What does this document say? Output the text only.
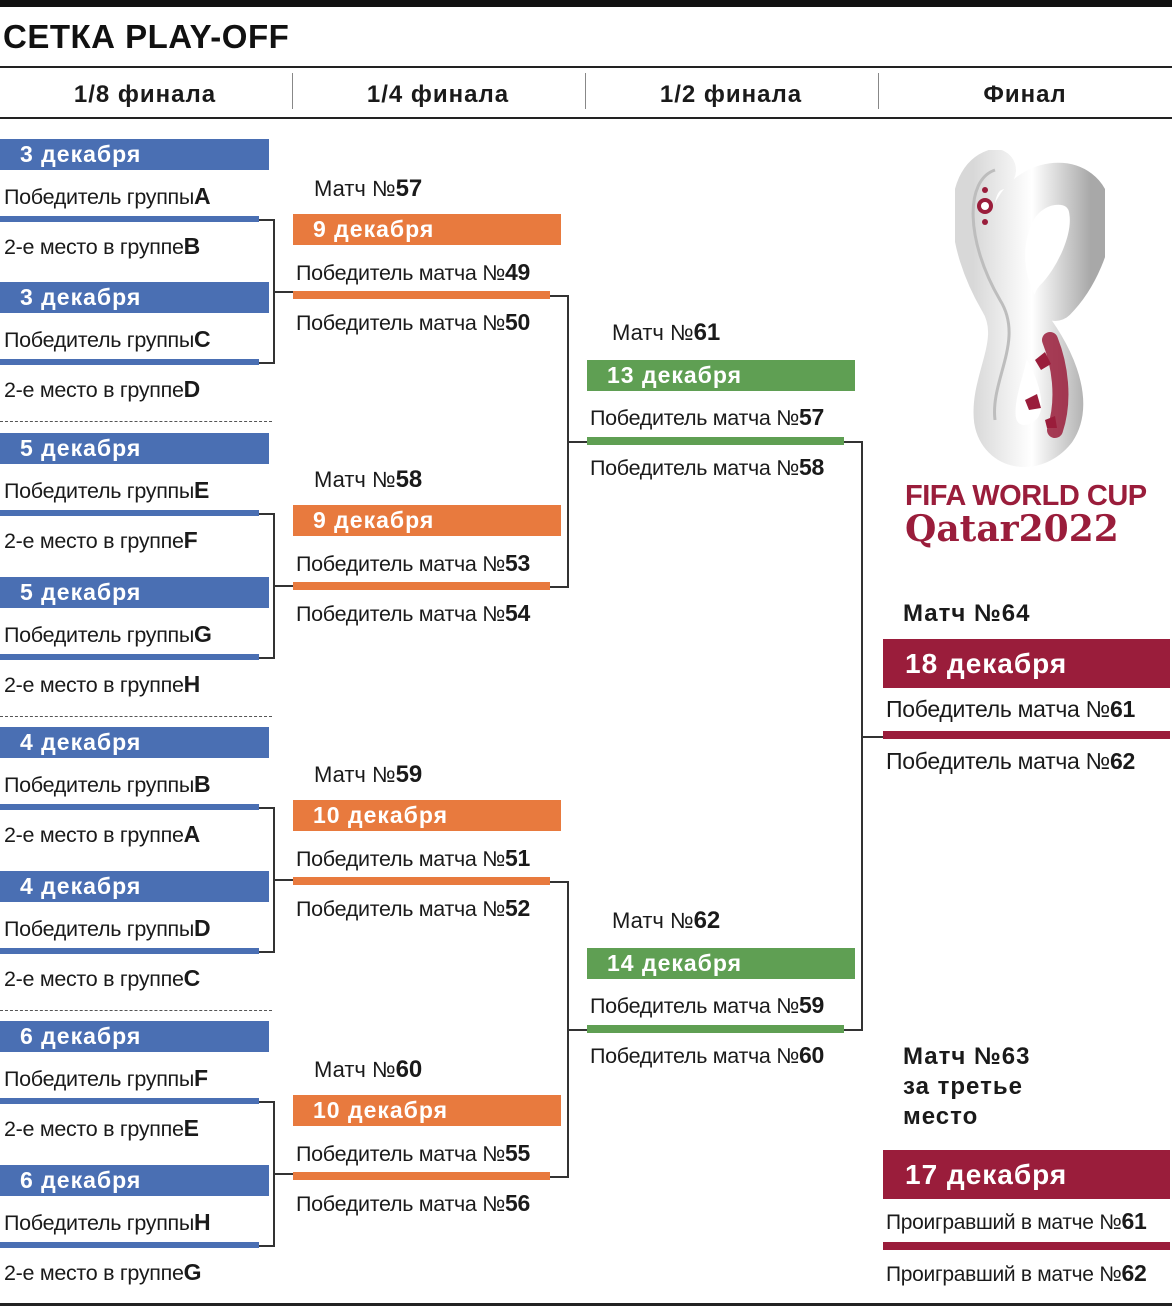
СЕТКА PLAY-OFF
1/8 финала	1/4 финала	1/2 финала	Финал
3 декабря
Победитель группыA
2-е место в группеB
3 декабря
Победитель группыC
2-е место в группеD
5 декабря
Победитель группыE
2-е место в группеF
5 декабря
Победитель группыG
2-е место в группеH
4 декабря
Победитель группыB
2-е место в группеA
4 декабря
Победитель группыD
2-е место в группеC
6 декабря
Победитель группыF
2-е место в группеE
6 декабря
Победитель группыH
2-е место в группеG
Матч №57
9 декабря
Победитель матча №49
Победитель матча №50
Матч №58
9 декабря
Победитель матча №53
Победитель матча №54
Матч №59
10 декабря
Победитель матча №51
Победитель матча №52
Матч №60
10 декабря
Победитель матча №55
Победитель матча №56
Матч №61
13 декабря
Победитель матча №57
Победитель матча №58
Матч №62
14 декабря
Победитель матча №59
Победитель матча №60
FIFA WORLD CUP
Qatar2022
Матч №64
18 декабря
Победитель матча №61
Победитель матча №62
Матч №63
за третье
место
17 декабря
Проигравший в матче №61
Проигравший в матче №62
